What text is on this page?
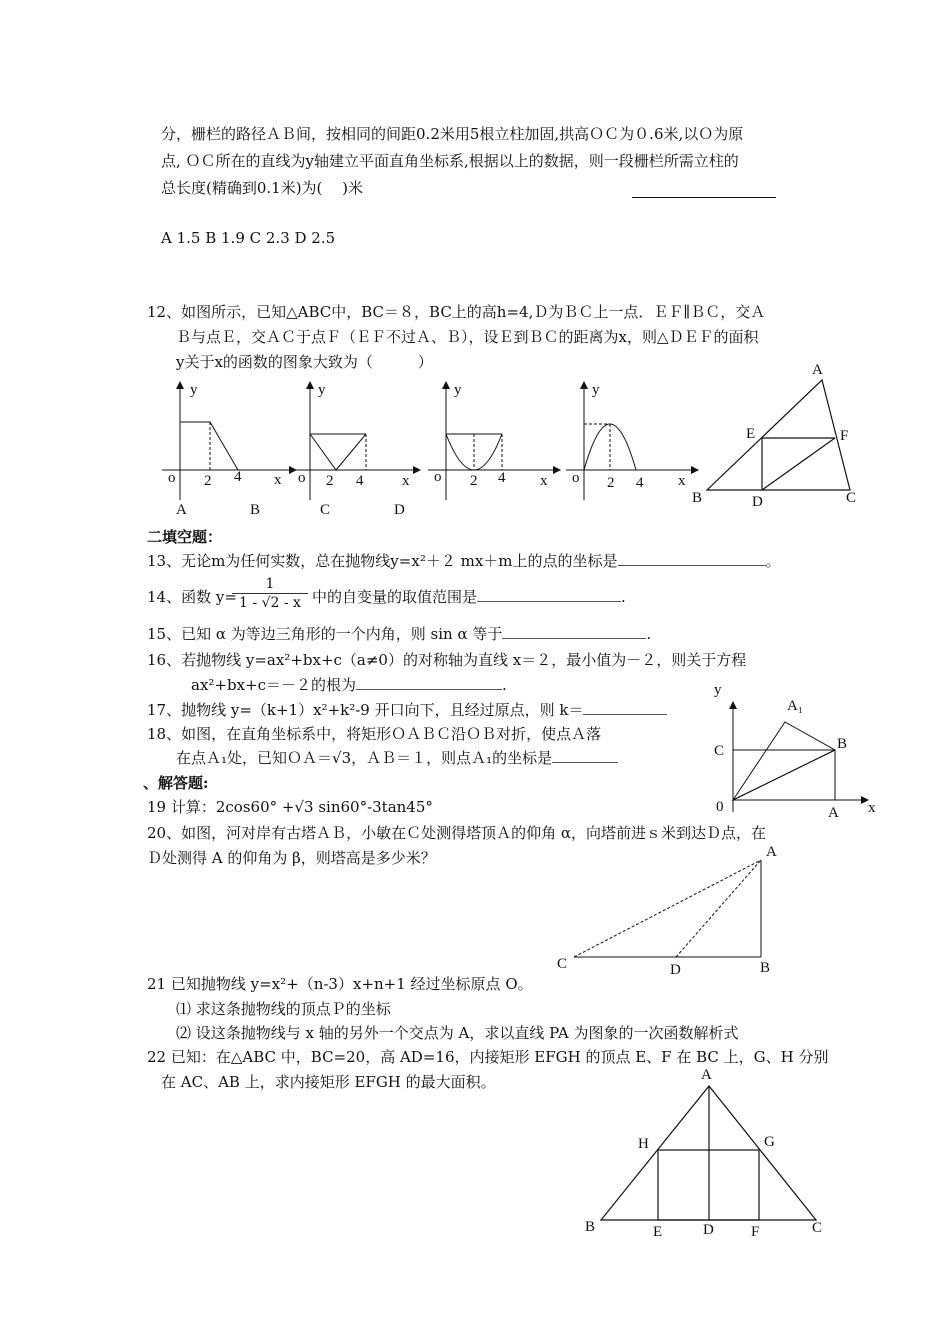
分，栅栏的路径ＡＢ间，按相同的间距0.2米用5根立柱加固,拱高ＯＣ为０.6米,以Ｏ为原
点, ＯＣ所在的直线为y轴建立平面直角坐标系,根据以上的数据，则一段栅栏所需立柱的
总长度(精确到0.1米)为(　 )米
A 1.5 B 1.9 C 2.3 D 2.5
12、如图所示，已知△ABC中，BC＝８，BC上的高h=4,Ｄ为ＢＣ上一点．ＥＦ∥ＢＣ，交Ａ
Ｂ与点Ｅ，交ＡＣ于点Ｆ（ＥＦ不过Ａ、Ｂ），设Ｅ到ＢＣ的距离为x，则△ＤＥＦ的面积
y关于x的函数的图象大致为（　　　）
y
o 2 4 x
y
o 2 4	x
y
o 2 4 x
y
o 2 4 x
A	B	C	D
A
B	C
D
E	F
y
x
A₁
B
C
0	A
A
B
C	D
A
B	C
D
E	F
G
H
二填空题：
13、无论m为任何实数，总在抛物线y=x²＋２ mx＋m上的点的坐标是	。
14、函数 y=
$\frac{1}{1 - √2 - x}$ 中的自变量的取值范围是	.
15、已知 α 为等边三角形的一个内角，则 sin α 等于	.
16、若抛物线 y=ax²+bx+c（a≠0）的对称轴为直线 x＝２，最小值为－２，则关于方程
ax²+bx+c＝－２的根为	.
17、抛物线 y=（k+1）x²+k²-9 开口向下，且经过原点，则 k＝
18、如图，在直角坐标系中，将矩形ＯＡＢＣ沿ＯＢ对折，使点Ａ落
在点Ａ₁处，已知ＯＡ＝√3，ＡＢ＝１，则点Ａ₁的坐标是
、解答题:
19 计算：2cos60° +√3 sin60°-3tan45°
20、如图，河对岸有古塔ＡＢ，小敏在Ｃ处测得塔顶Ａ的仰角 α，向塔前进ｓ米到达Ｄ点，在
Ｄ处测得 A 的仰角为 β，则塔高是多少米？
21 已知抛物线 y=x²+（n-3）x+n+1 经过坐标原点 O。
⑴ 求这条抛物线的顶点Ｐ的坐标
⑵ 设这条抛物线与 x 轴的另外一个交点为 A，求以直线 PA 为图象的一次函数解析式
22 已知：在△ABC 中，BC=20，高 AD=16，内接矩形 EFGH 的顶点 E、F 在 BC 上，G、H 分别
在 AC、AB 上，求内接矩形 EFGH 的最大面积。
